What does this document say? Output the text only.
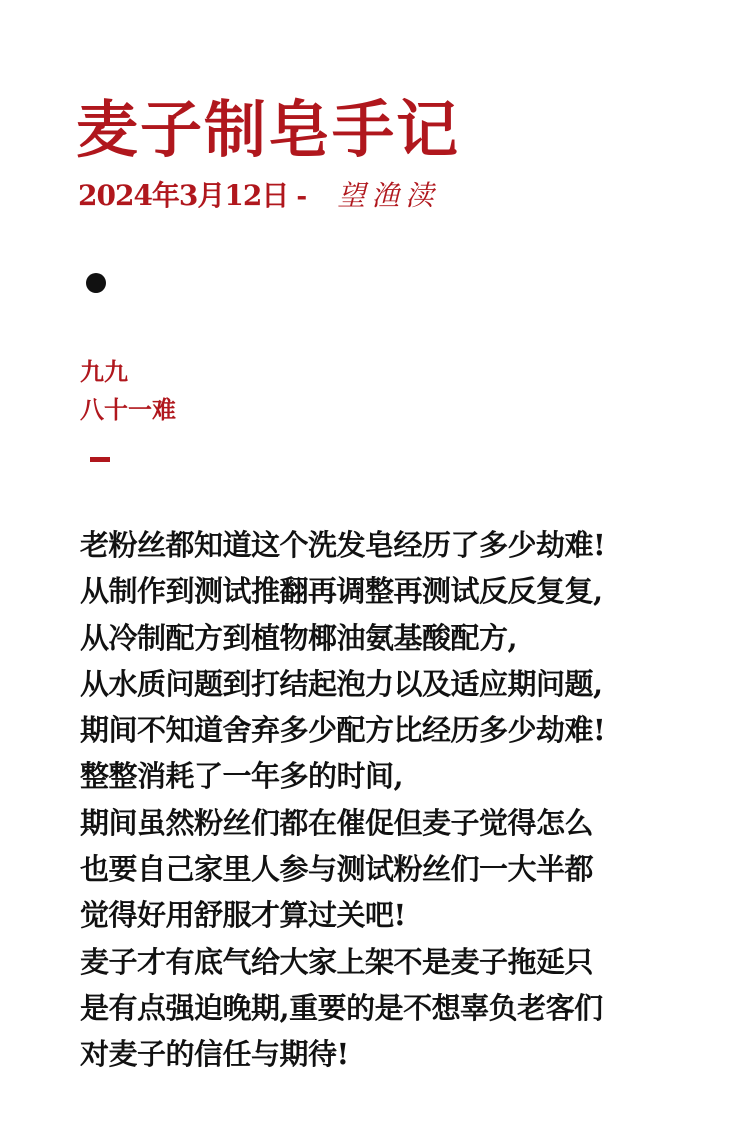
麦子制皂手记
2024年3月12日 - 望渔渎
九九
八十一难
老粉丝都知道这个洗发皂经历了多少劫难!
从制作到测试推翻再调整再测试反反复复,
从冷制配方到植物椰油氨基酸配方,
从水质问题到打结起泡力以及适应期问题,
期间不知道舍弃多少配方比经历多少劫难!
整整消耗了一年多的时间,
期间虽然粉丝们都在催促但麦子觉得怎么
也要自己家里人参与测试粉丝们一大半都
觉得好用舒服才算过关吧!
麦子才有底气给大家上架不是麦子拖延只
是有点强迫晚期,重要的是不想辜负老客们
对麦子的信任与期待!
